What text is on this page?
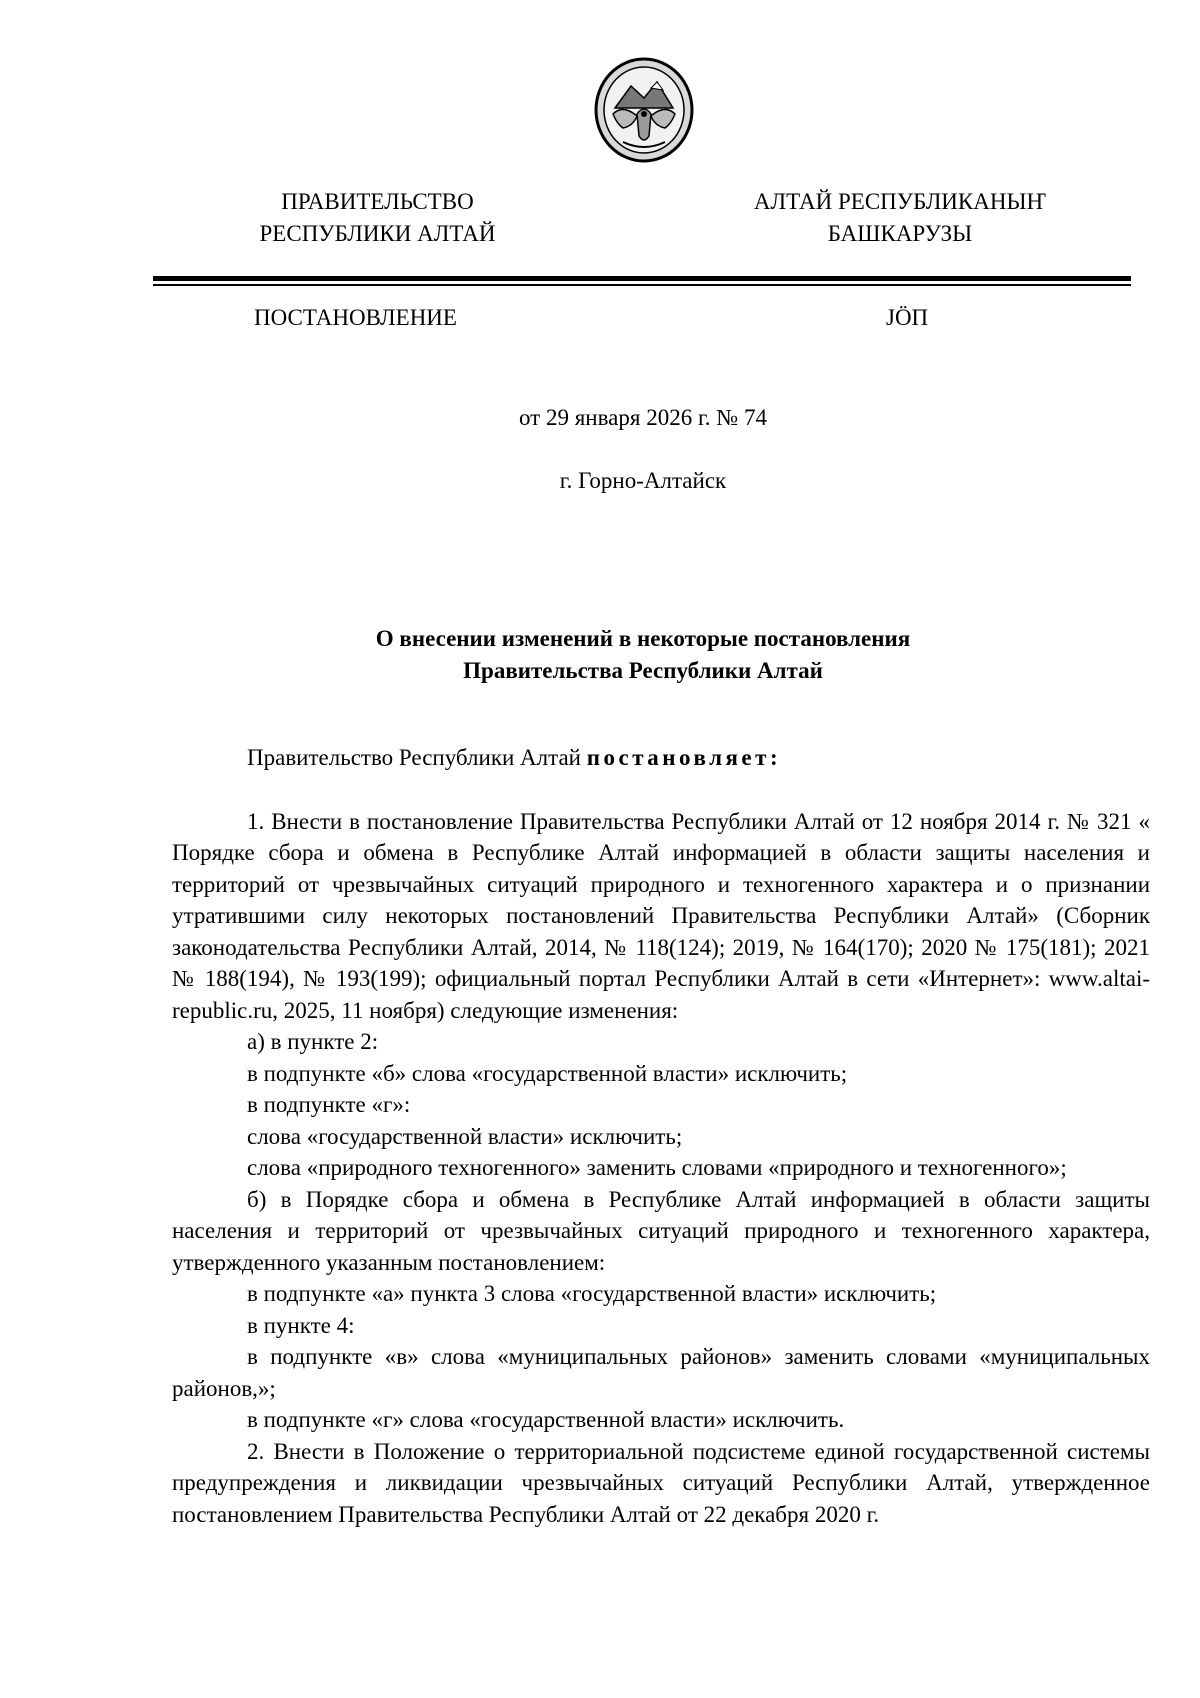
ПРАВИТЕЛЬСТВО
РЕСПУБЛИКИ АЛТАЙ
АЛТАЙ РЕСПУБЛИКАНЫҤ
БАШКАРУЗЫ
ПОСТАНОВЛЕНИЕ	ЈӦП
от 29 января 2026 г. № 74
г. Горно-Алтайск
О внесении изменений в некоторые постановления
Правительства Республики Алтай

Правительство Республики Алтай постановляет:

1. Внести в постановление Правительства Республики Алтай от 12 ноября 2014 г. № 321 « Порядке сбора и обмена в Республике Алтай информацией в области защиты населения и территорий от чрезвычайных ситуаций природного и техногенного характера и о признании утратившими силу некоторых постановлений Правительства Республики Алтай» (Сборник законодательства Республики Алтай, 2014, № 118(124); 2019, № 164(170); 2020 № 175(181); 2021 № 188(194), № 193(199); официальный портал Республики Алтай в сети «Интернет»: www.altai-republic.ru, 2025, 11 ноября) следующие изменения:

а) в пункте 2:

в подпункте «б» слова «государственной власти» исключить;

в подпункте «г»:

слова «государственной власти» исключить;

слова «природного техногенного» заменить словами «природного и техногенного»;

б) в Порядке сбора и обмена в Республике Алтай информацией в области защиты населения и территорий от чрезвычайных ситуаций природного и техногенного характера, утвержденного указанным постановлением:

в подпункте «а» пункта 3 слова «государственной власти» исключить;

в пункте 4:

в подпункте «в» слова «муниципальных районов» заменить словами «муниципальных районов,»;

в подпункте «г» слова «государственной власти» исключить.

2. Внести в Положение о территориальной подсистеме единой государственной системы предупреждения и ликвидации чрезвычайных ситуаций Республики Алтай, утвержденное постановлением Правительства Республики Алтай от 22 декабря 2020 г.
